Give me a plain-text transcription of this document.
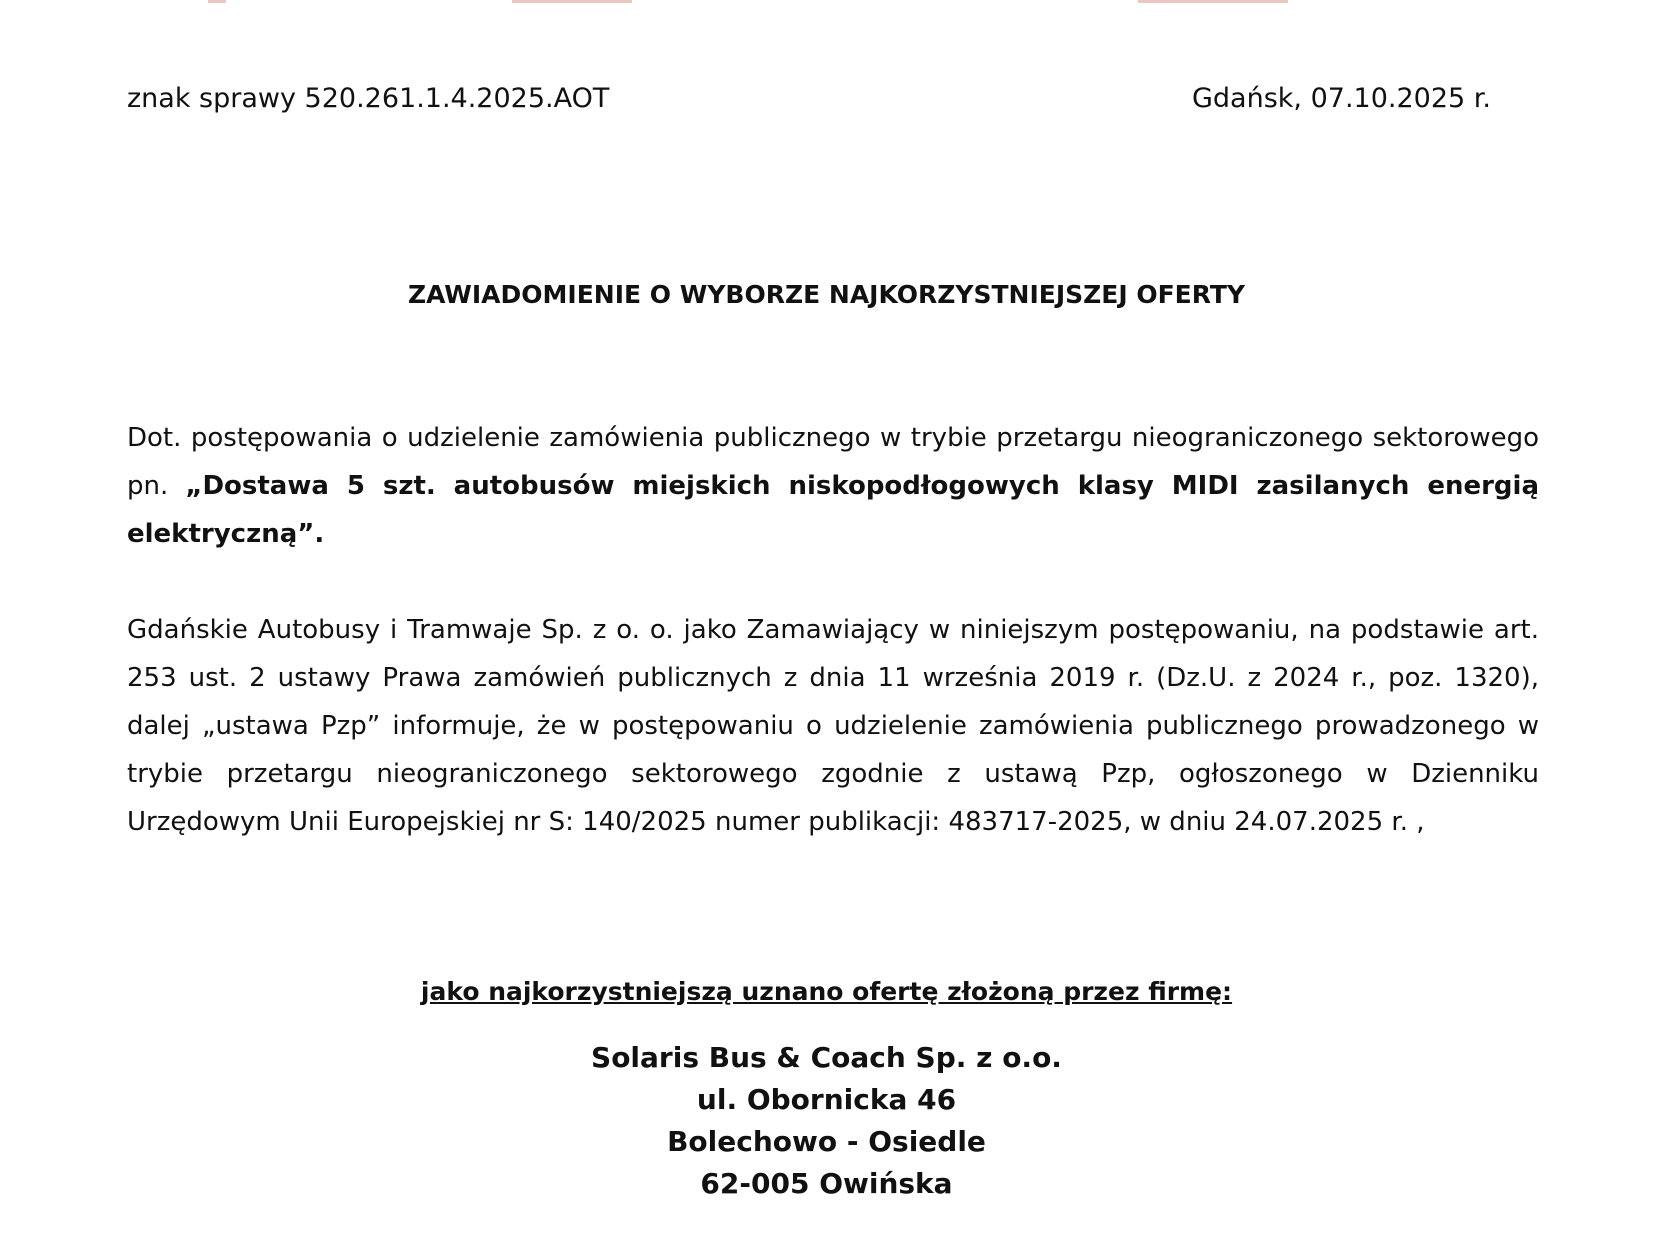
znak sprawy 520.261.1.4.2025.AOT	Gdańsk, 07.10.2025 r.
ZAWIADOMIENIE O WYBORZE NAJKORZYSTNIEJSZEJ OFERTY
Dot. postępowania o udzielenie zamówienia publicznego w trybie przetargu nieograniczonego sektorowego pn. „Dostawa 5 szt. autobusów miejskich niskopodłogowych klasy MIDI zasilanych energią elektryczną”.
Gdańskie Autobusy i Tramwaje Sp. z o. o. jako Zamawiający w niniejszym postępowaniu, na podstawie art. 253 ust. 2 ustawy Prawa zamówień publicznych z dnia 11 września 2019 r. (Dz.U. z 2024 r., poz. 1320), dalej „ustawa Pzp” informuje, że w postępowaniu o udzielenie zamówienia publicznego prowadzonego w trybie przetargu nieograniczonego sektorowego zgodnie z ustawą Pzp, ogłoszonego w Dzienniku Urzędowym Unii Europejskiej nr S: 140/2025 numer publikacji: 483717-2025, w dniu 24.07.2025 r. ,
jako najkorzystniejszą uznano ofertę złożoną przez firmę:
Solaris Bus & Coach Sp. z o.o.
ul. Obornicka 46
Bolechowo - Osiedle
62-005 Owińska
